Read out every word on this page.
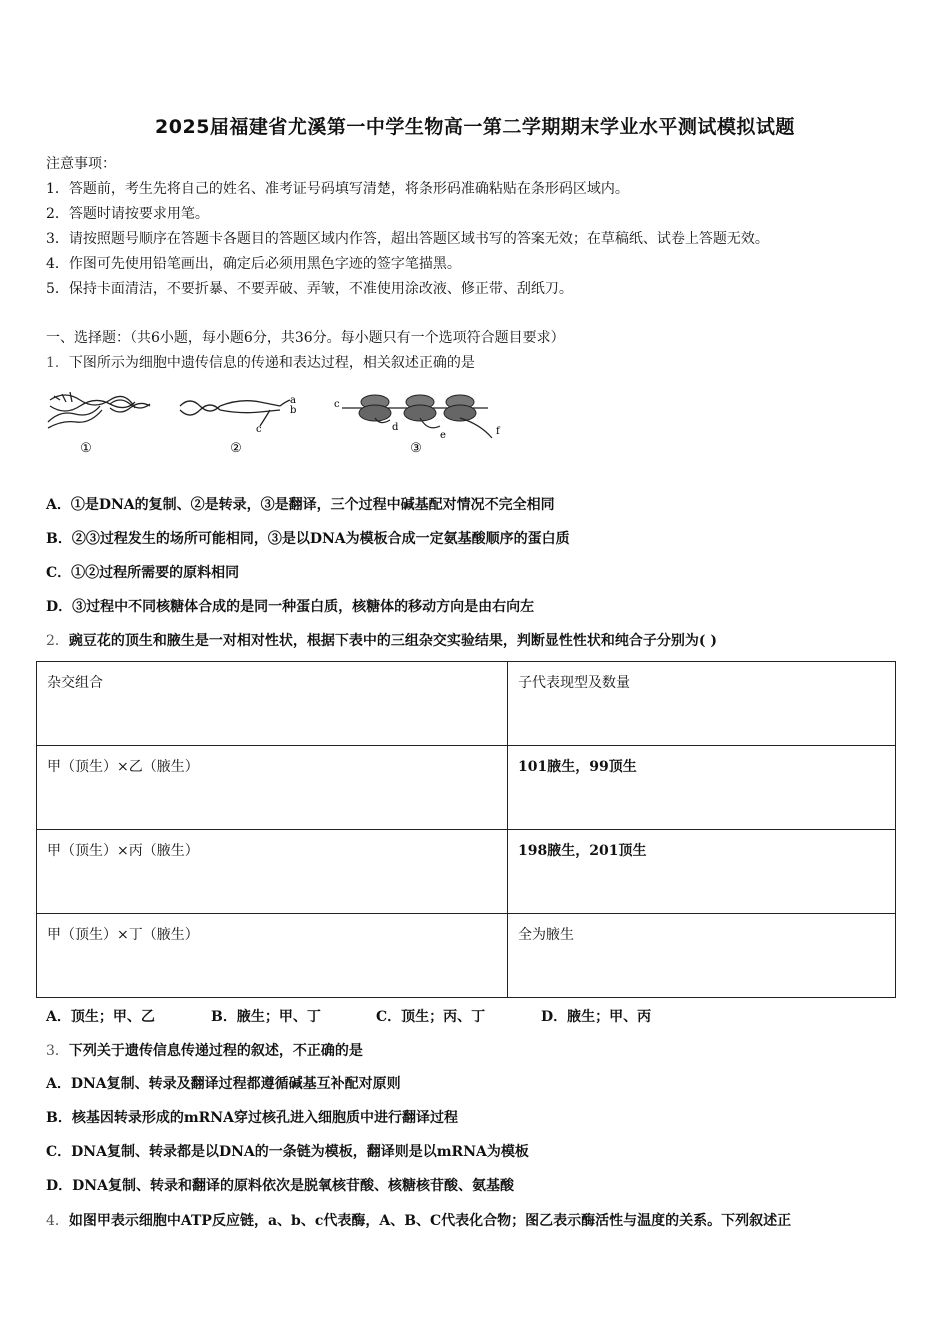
2025届福建省尤溪第一中学生物高一第二学期期末学业水平测试模拟试题
注意事项：
1．答题前，考生先将自己的姓名、准考证号码填写清楚，将条形码准确粘贴在条形码区域内。
2．答题时请按要求用笔。
3．请按照题号顺序在答题卡各题目的答题区域内作答，超出答题区域书写的答案无效；在草稿纸、试卷上答题无效。
4．作图可先使用铅笔画出，确定后必须用黑色字迹的签字笔描黑。
5．保持卡面清洁，不要折暴、不要弄破、弄皱，不准使用涂改液、修正带、刮纸刀。
一、选择题：（共6小题，每小题6分，共36分。每小题只有一个选项符合题目要求）
1．下图所示为细胞中遗传信息的传递和表达过程，相关叙述正确的是
①
a
b
c
②
c
d
e	f
③
A．①是DNA的复制、②是转录，③是翻译，三个过程中碱基配对情况不完全相同
B．②③过程发生的场所可能相同，③是以DNA为模板合成一定氨基酸顺序的蛋白质
C．①②过程所需要的原料相同
D．③过程中不同核糖体合成的是同一种蛋白质，核糖体的移动方向是由右向左
2．豌豆花的顶生和腋生是一对相对性状，根据下表中的三组杂交实验结果，判断显性性状和纯合子分别为( )
杂交组合	子代表现型及数量
甲（顶生）×乙（腋生）	101腋生，99顶生
甲（顶生）×丙（腋生）	198腋生，201顶生
甲（顶生）×丁（腋生）	全为腋生
A．顶生；甲、乙	B．腋生；甲、丁	C．顶生；丙、丁	D．腋生；甲、丙
3．下列关于遗传信息传递过程的叙述，不正确的是
A．DNA复制、转录及翻译过程都遵循碱基互补配对原则
B．核基因转录形成的mRNA穿过核孔进入细胞质中进行翻译过程
C．DNA复制、转录都是以DNA的一条链为模板，翻译则是以mRNA为模板
D．DNA复制、转录和翻译的原料依次是脱氧核苷酸、核糖核苷酸、氨基酸
4．如图甲表示细胞中ATP反应链，a、b、c代表酶，A、B、C代表化合物；图乙表示酶活性与温度的关系。下列叙述正
